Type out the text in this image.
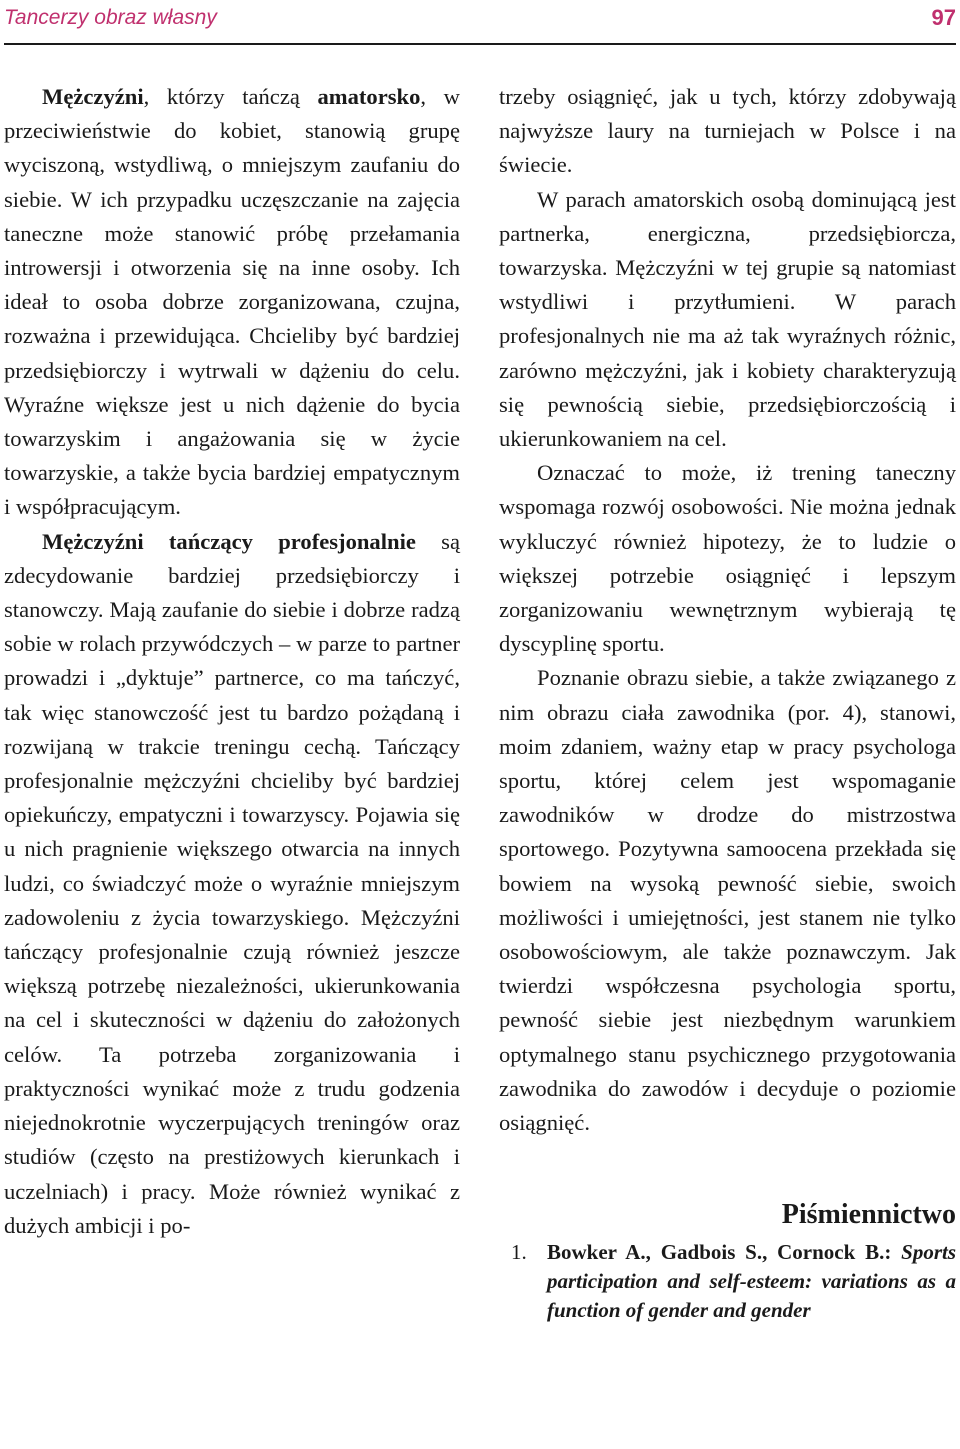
Tancerzy obraz własny	97

Mężczyźni, którzy tańczą amatorsko, w przeciwieństwie do kobiet, stanowią grupę wyciszoną, wstydliwą, o mniejszym zaufaniu do siebie. W ich przypadku uczęszczanie na zajęcia taneczne może stanowić próbę przełamania introwersji i otworzenia się na inne osoby. Ich ideał to osoba dobrze zorganizowana, czujna, rozważna i przewidująca. Chcieliby być bardziej przedsiębiorczy i wytrwali w dążeniu do celu. Wyraźne większe jest u nich dążenie do bycia towarzyskim i angażowania się w życie towarzyskie, a także bycia bardziej empatycznym i współpracującym.

Mężczyźni tańczący profesjonalnie są zdecydowanie bardziej przedsiębiorczy i stanowczy. Mają zaufanie do siebie i dobrze radzą sobie w rolach przywódczych – w parze to partner prowadzi i „dyktuje” partnerce, co ma tańczyć, tak więc stanowczość jest tu bardzo pożądaną i rozwijaną w trakcie treningu cechą. Tańczący profesjonalnie mężczyźni chcieliby być bardziej opiekuńczy, empatyczni i towarzyscy. Pojawia się u nich pragnienie większego otwarcia na innych ludzi, co świadczyć może o wyraźnie mniejszym zadowoleniu z życia towarzyskiego. Mężczyźni tańczący profesjonalnie czują również jeszcze większą potrzebę niezależności, ukierunkowania na cel i skuteczności w dążeniu do założonych celów. Ta potrzeba zorganizowania i praktyczności wynikać może z trudu godzenia niejednokrotnie wyczerpujących treningów oraz studiów (często na prestiżowych kierunkach i uczelniach) i pracy. Może również wynikać z dużych ambicji i po-

trzeby osiągnięć, jak u tych, którzy zdobywają najwyższe laury na turniejach w Polsce i na świecie.

W parach amatorskich osobą dominującą jest partnerka, energiczna, przedsiębiorcza, towarzyska. Mężczyźni w tej grupie są natomiast wstydliwi i przytłumieni. W parach profesjonalnych nie ma aż tak wyraźnych różnic, zarówno mężczyźni, jak i kobiety charakteryzują się pewnością siebie, przedsiębiorczością i ukierunkowaniem na cel.

Oznaczać to może, iż trening taneczny wspomaga rozwój osobowości. Nie można jednak wykluczyć również hipotezy, że to ludzie o większej potrzebie osiągnięć i lepszym zorganizowaniu wewnętrznym wybierają tę dyscyplinę sportu.

Poznanie obrazu siebie, a także związanego z nim obrazu ciała zawodnika (por. 4), stanowi, moim zdaniem, ważny etap w pracy psychologa sportu, której celem jest wspomaganie zawodników w drodze do mistrzostwa sportowego. Pozytywna samoocena przekłada się bowiem na wysoką pewność siebie, swoich możliwości i umiejętności, jest stanem nie tylko osobowościowym, ale także poznawczym. Jak twierdzi współczesna psychologia sportu, pewność siebie jest niezbędnym warunkiem optymalnego stanu psychicznego przygotowania zawodnika do zawodów i decyduje o poziomie osiągnięć.

Piśmiennictwo
1. Bowker A., Gadbois S., Cornock B.: Sports participation and self-esteem: variations as a function of gender and gender
